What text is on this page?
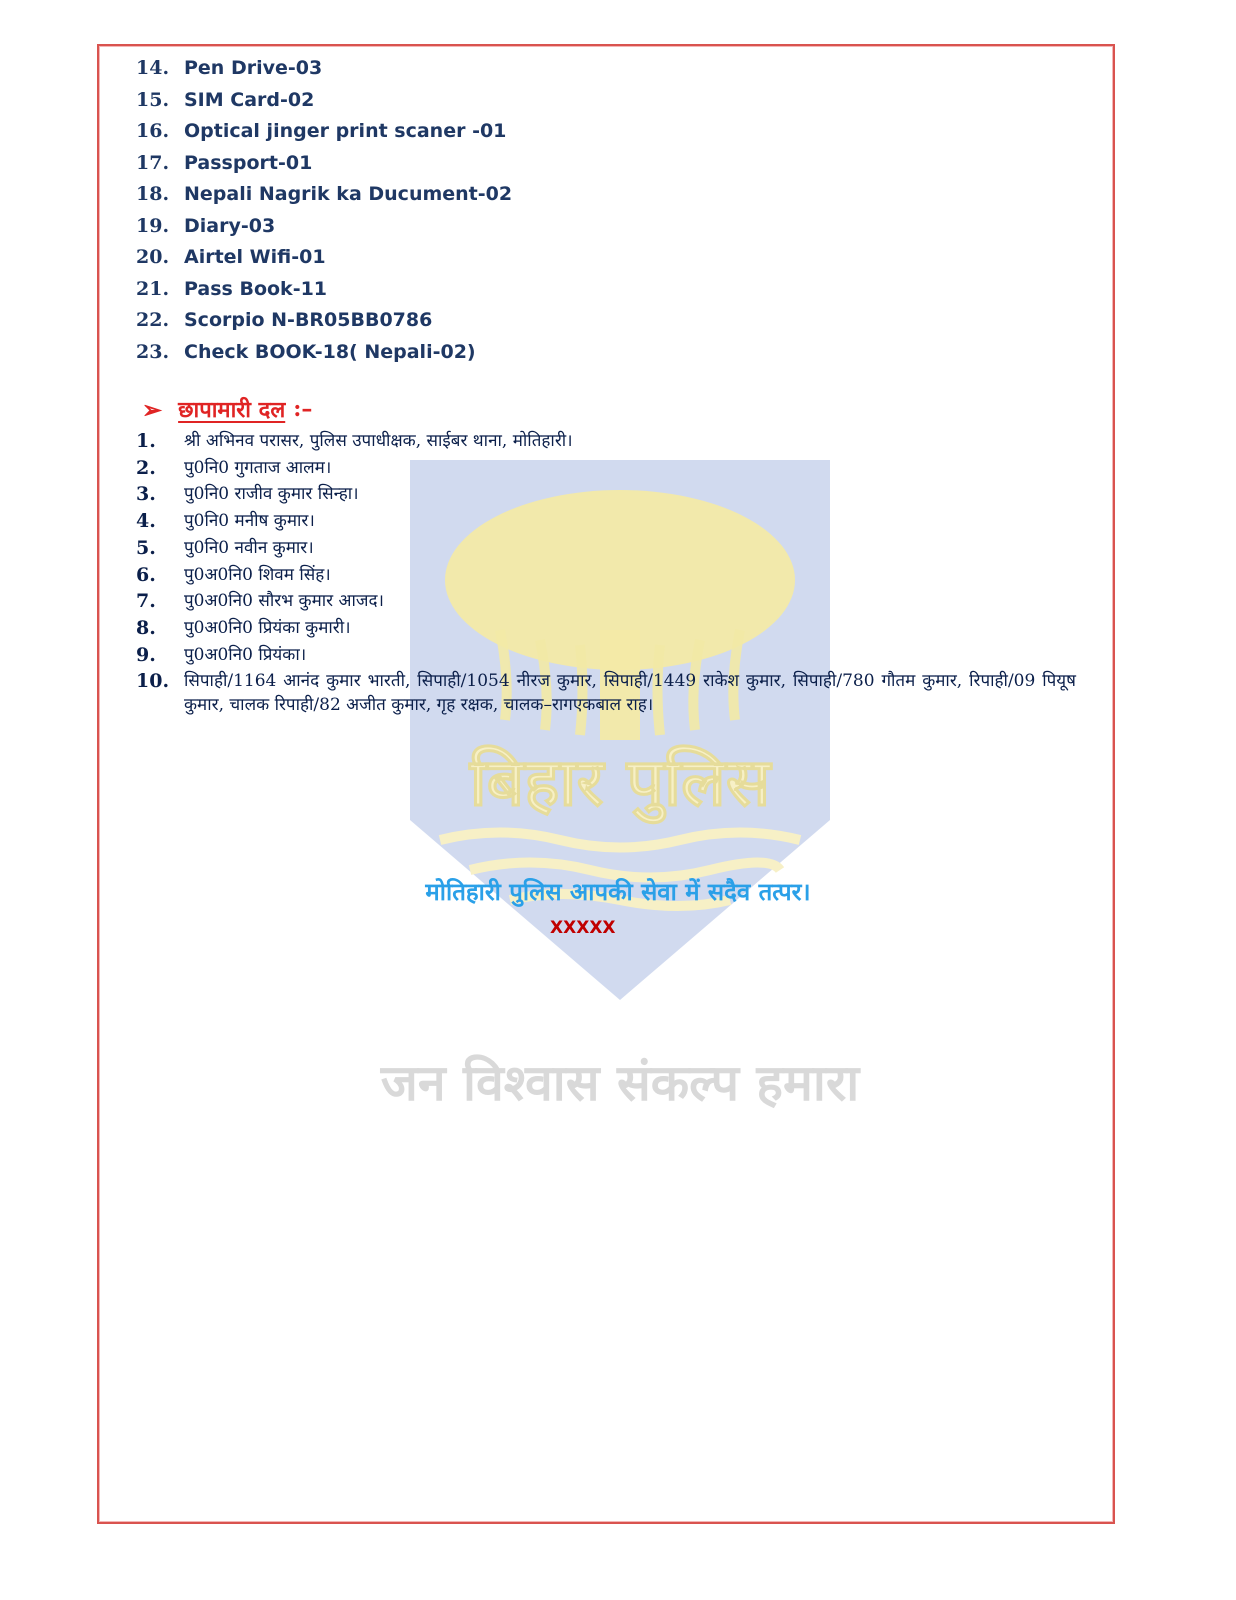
बिहार पुलिस
जन विश्वास संकल्प हमारा
14. Pen Drive-03
15. SIM Card-02
16. Optical jinger print scaner -01
17. Passport-01
18. Nepali Nagrik ka Ducument-02
19. Diary-03
20. Airtel Wifi-01
21. Pass Book-11
22. Scorpio N-BR05BB0786
23. Check BOOK-18( Nepali-02)
➢ छापामारी दल :–
1.	श्री अभिनव परासर, पुलिस उपाधीक्षक, साईबर थाना, मोतिहारी।
2.	पु0नि0 गुगताज आलम।
3.	पु0नि0 राजीव कुमार सिन्हा।
4.	पु0नि0 मनीष कुमार।
5.	पु0नि0 नवीन कुमार।
6.	पु0अ0नि0 शिवम सिंह।
7.	पु0अ0नि0 सौरभ कुमार आजद।
8.	पु0अ0नि0 प्रियंका कुमारी।
9.	पु0अ0नि0 प्रियंका।
10. सिपाही/1164 आनंद कुमार भारती, सिपाही/1054 नीरज कुमार, सिपाही/1449 राकेश कुमार, सिपाही/780 गौतम कुमार, रिपाही/09 पियूष कुमार, चालक रिपाही/82 अजीत कुमार, गृह रक्षक, चालक–रागएकबाल राह।
मोतिहारी पुलिस आपकी सेवा में सदैव तत्पर।
XXXXX
